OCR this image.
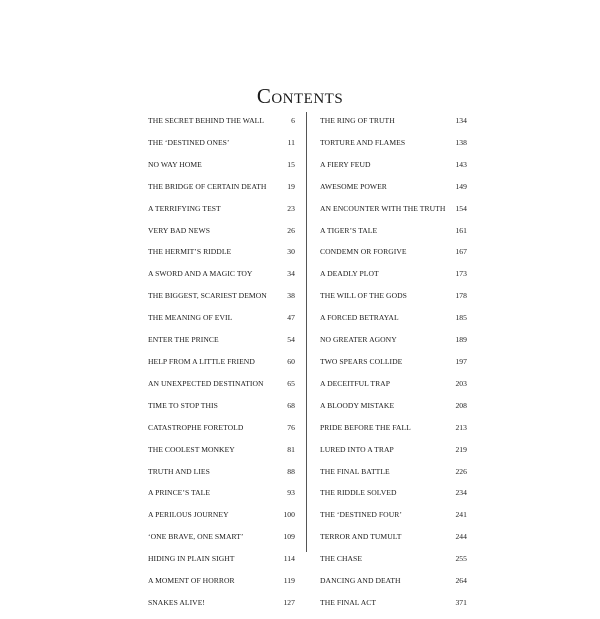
Contents
THE SECRET BEHIND THE WALL	6
THE ‘DESTINED ONES’	11
NO WAY HOME	15
THE BRIDGE OF CERTAIN DEATH	19
A TERRIFYING TEST	23
VERY BAD NEWS	26
THE HERMIT’S RIDDLE	30
A SWORD AND A MAGIC TOY	34
THE BIGGEST, SCARIEST DEMON	38
THE MEANING OF EVIL	47
ENTER THE PRINCE	54
HELP FROM A LITTLE FRIEND	60
AN UNEXPECTED DESTINATION	65
TIME TO STOP THIS	68
CATASTROPHE FORETOLD	76
THE COOLEST MONKEY	81
TRUTH AND LIES	88
A PRINCE’S TALE	93
A PERILOUS JOURNEY	100
‘ONE BRAVE, ONE SMART’	109
HIDING IN PLAIN SIGHT	114
A MOMENT OF HORROR	119
SNAKES ALIVE!	127
THE RING OF TRUTH	134
TORTURE AND FLAMES	138
A FIERY FEUD	143
AWESOME POWER	149
AN ENCOUNTER WITH THE TRUTH 154
A TIGER’S TALE	161
CONDEMN OR FORGIVE	167
A DEADLY PLOT	173
THE WILL OF THE GODS	178
A FORCED BETRAYAL	185
NO GREATER AGONY	189
TWO SPEARS COLLIDE	197
A DECEITFUL TRAP	203
A BLOODY MISTAKE	208
PRIDE BEFORE THE FALL	213
LURED INTO A TRAP	219
THE FINAL BATTLE	226
THE RIDDLE SOLVED	234
THE ‘DESTINED FOUR’	241
TERROR AND TUMULT	244
THE CHASE	255
DANCING AND DEATH	264
THE FINAL ACT	371
